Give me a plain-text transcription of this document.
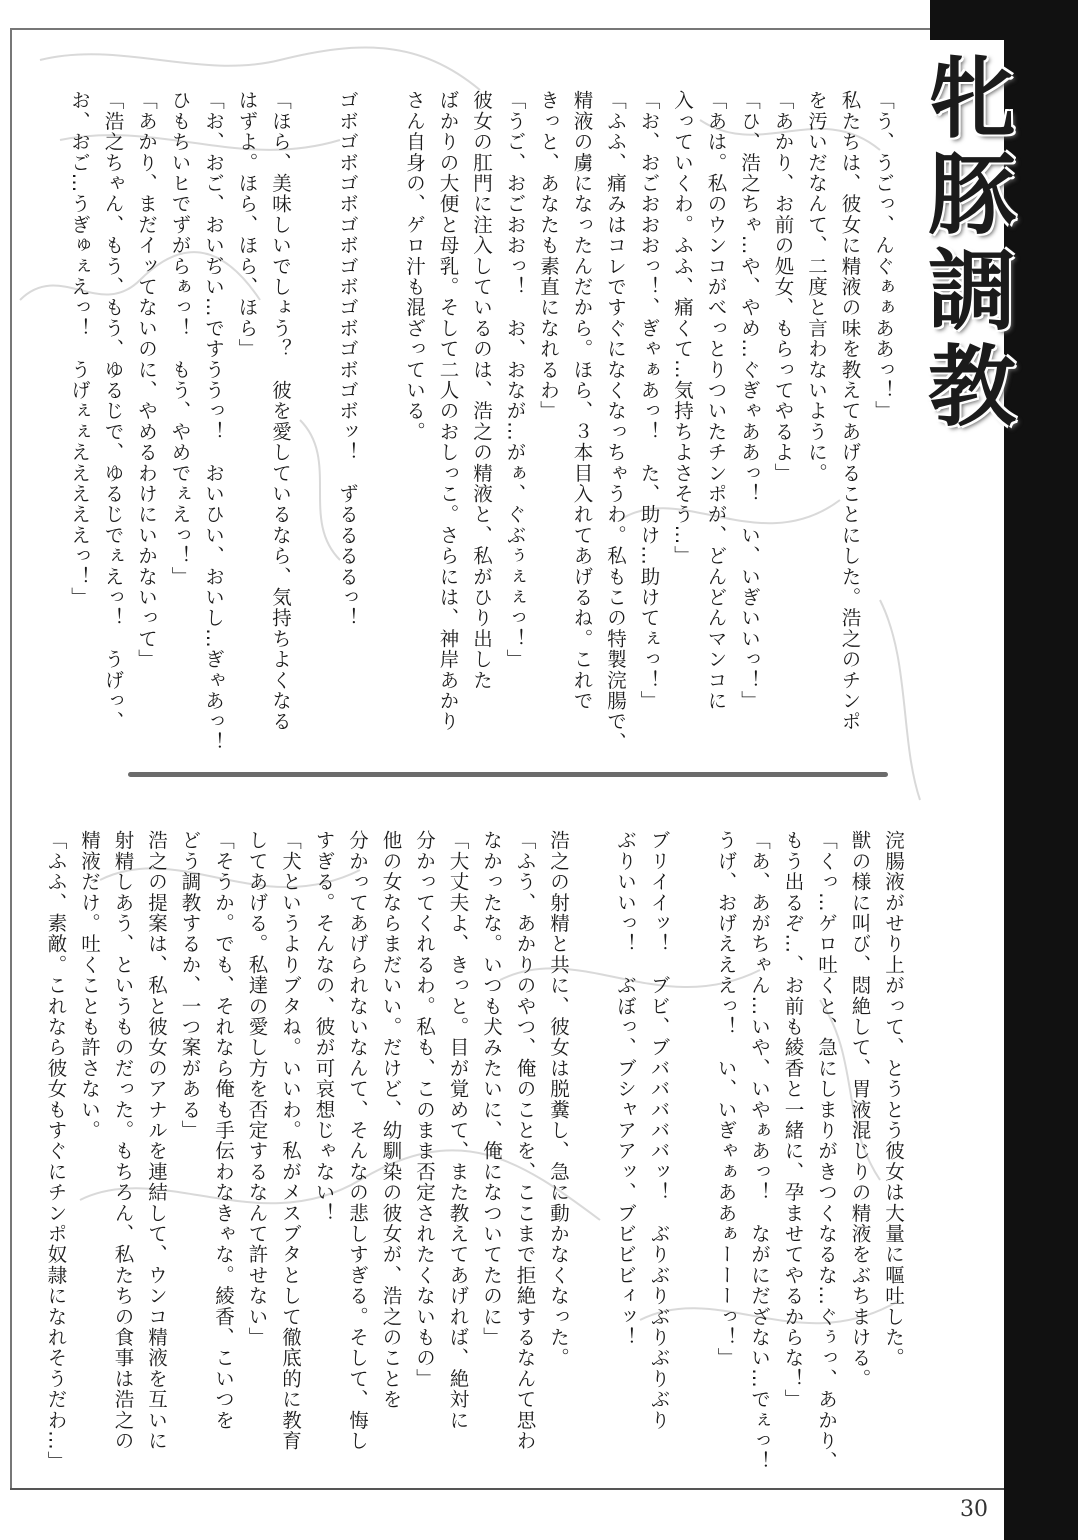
牝豚調教
「う、うごっ、んぐぁぁああっ！」
私たちは、彼女に精液の味を教えてあげることにした。浩之のチンポ
を汚いだなんて、二度と言わないように。
「あかり、お前の処女、もらってやるよ」
「ひ、浩之ちゃ…や、やめ…ぐぎゃああっ！　い、いぎいいっ！」
「あは。私のウンコがべっとりついたチンポが、どんどんマンコに
入っていくわ。ふふ、痛くて…気持ちよさそう…」
「お、おごおおおっ！、ぎゃぁあっ！　た、助け…助けてぇっ！」
「ふふ、痛みはコレですぐになくなっちゃうわ。私もこの特製浣腸で、
精液の虜になったんだから。ほら、３本目入れてあげるね。これで
きっと、あなたも素直になれるわ」
「うご、おごおおっ！　お、おなが…がぁ、ぐぶぅぇぇっ！」
彼女の肛門に注入しているのは、浩之の精液と、私がひり出した
ばかりの大便と母乳。そして二人のおしっこ。さらには、神岸あかり
さん自身の、ゲロ汁も混ざっている。
ゴボゴボゴボゴボゴボゴボゴボゴボッ！　ずるるるるっ！
「ほら、美味しいでしょう？　彼を愛しているなら、気持ちよくなる
はずよ。ほら、ほら、ほら」
「お、おご、おいぢい…ですううっ！　おいひい、おいし…ぎゃあっ！
ひもちいヒでずがらぁっ！　もう、やめでぇえっ！」
「あかり、まだイッてないのに、やめるわけにいかないって」
「浩之ちゃん、もう、もう、ゆるじで、ゆるじでぇえっ！　うげっ、
お、おご…うぎゅぇえっ！　うげぇぇえええええっ！」
浣腸液がせり上がって、とうとう彼女は大量に嘔吐した。
獣の様に叫び、悶絶して、胃液混じりの精液をぶちまける。
「くっ…ゲロ吐くと、急にしまりがきつくなるな…ぐぅっ、あかり、
もう出るぞ…、お前も綾香と一緒に、孕ませてやるからな！」
「あ、あがちゃん…いや、いやぁあっ！　ながにだざない…でぇっ！
うげ、おげえええっ！　い、いぎゃぁああぁーーーっ！」
ブリイイッ！　ブビ、ブバババババッ！　ぶりぶりぶりぶりぶり
ぶりいいっ！　ぶぼっ、ブシャアアッ、ブビビビィッ！
浩之の射精と共に、彼女は脱糞し、急に動かなくなった。
「ふう、あかりのやつ、俺のことを、ここまで拒絶するなんて思わ
なかったな。いつも犬みたいに、俺になついてたのに」
「大丈夫よ、きっと。目が覚めて、また教えてあげれば、絶対に
分かってくれるわ。私も、このまま否定されたくないもの」
他の女ならまだいい。だけど、幼馴染の彼女が、浩之のことを
分かってあげられないなんて、そんなの悲しすぎる。そして、悔し
すぎる。そんなの、彼が可哀想じゃない！
「犬というよりブタね。いいわ。私がメスブタとして徹底的に教育
してあげる。私達の愛し方を否定するなんて許せない」
「そうか。でも、それなら俺も手伝わなきゃな。綾香、こいつを
どう調教するか、一つ案がある」
浩之の提案は、私と彼女のアナルを連結して、ウンコ精液を互いに
射精しあう、というものだった。もちろん、私たちの食事は浩之の
精液だけ。吐くことも許さない。
「ふふ、素敵。これなら彼女もすぐにチンポ奴隷になれそうだわ…」
30
